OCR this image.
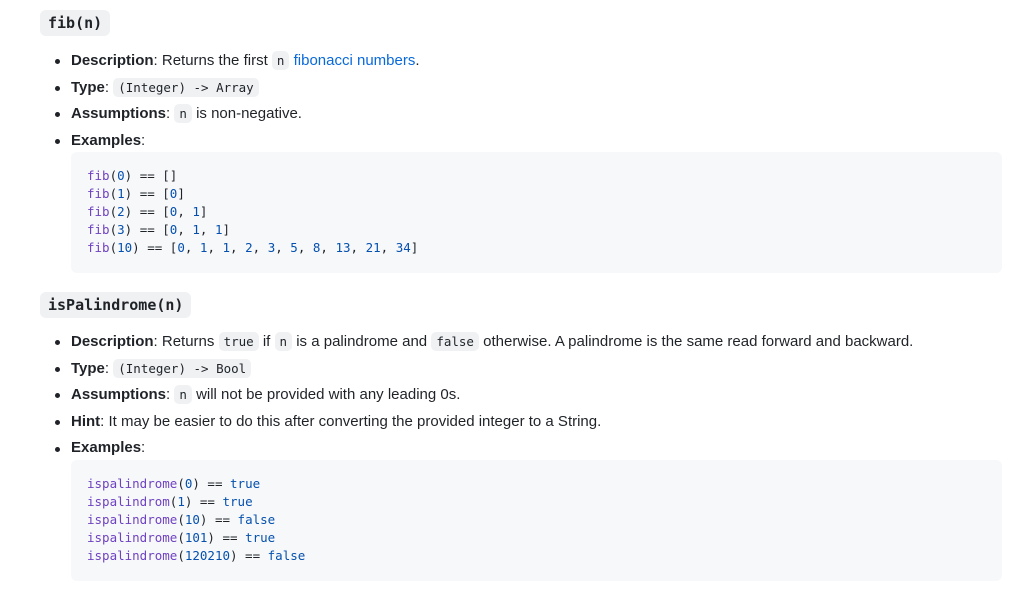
fib(n)
Description: Returns the first n fibonacci numbers.
Type: (Integer) -> Array
Assumptions: n is non-negative.
Examples:
fib(0) == []
fib(1) == [0]
fib(2) == [0, 1]
fib(3) == [0, 1, 1]
fib(10) == [0, 1, 1, 2, 3, 5, 8, 13, 21, 34]
isPalindrome(n)
Description: Returns true if n is a palindrome and false otherwise. A palindrome is the same read forward and backward.
Type: (Integer) -> Bool
Assumptions: n will not be provided with any leading 0s.
Hint: It may be easier to do this after converting the provided integer to a String.
Examples:
ispalindrome(0) == true
ispalindrom(1) == true
ispalindrome(10) == false
ispalindrome(101) == true
ispalindrome(120210) == false
